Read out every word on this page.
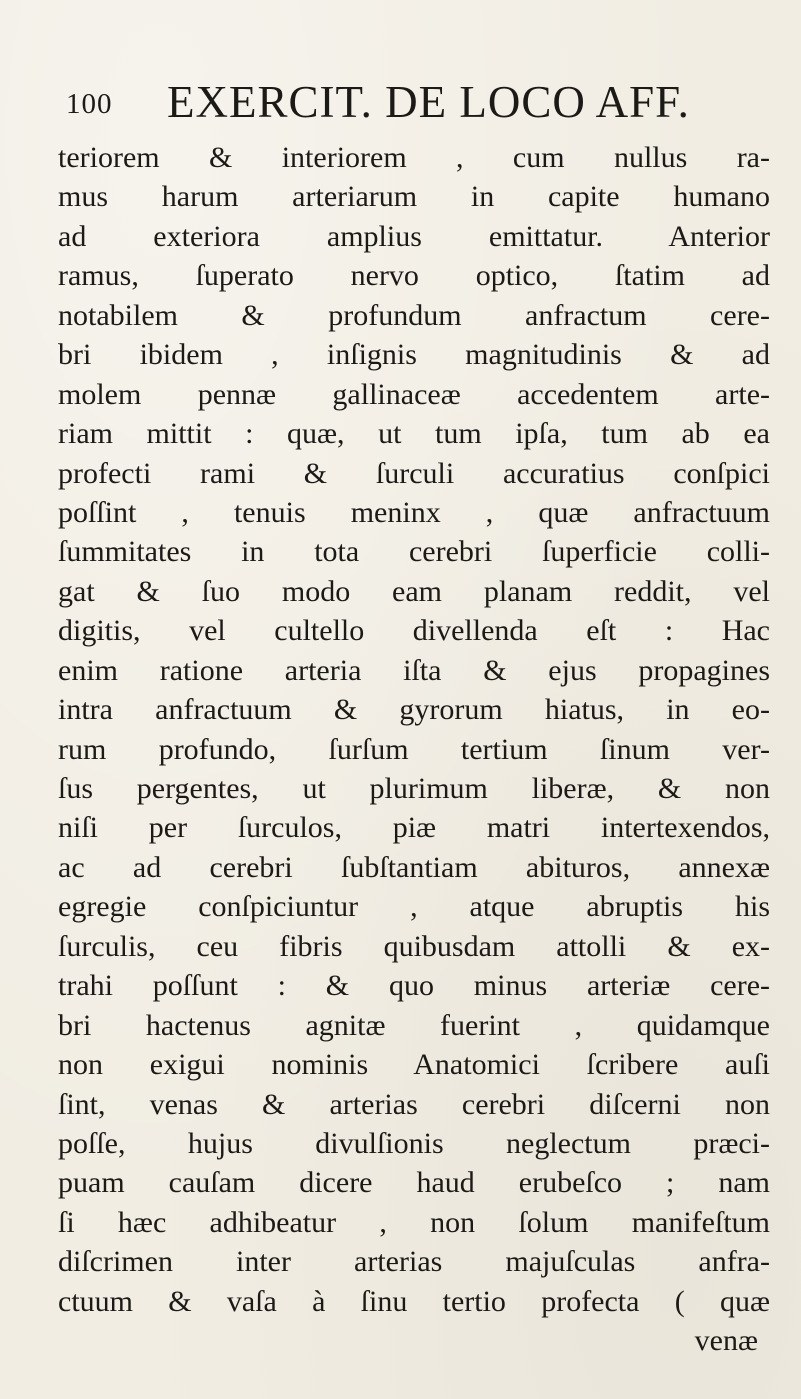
100 EXERCIT. DE LOCO AFF.
teriorem & interiorem , cum nullus ra-
mus harum arteriarum in capite humano
ad exteriora amplius emittatur. Anterior
ramus, ſuperato nervo optico, ſtatim ad
notabilem & profundum anfractum cere-
bri ibidem , inſignis magnitudinis & ad
molem pennæ gallinaceæ accedentem arte-
riam mittit : quæ, ut tum ipſa, tum ab ea
profecti rami & ſurculi accuratius conſpici
poſſint , tenuis meninx , quæ anfractuum
ſummitates in tota cerebri ſuperficie colli-
gat & ſuo modo eam planam reddit, vel
digitis, vel cultello divellenda eſt : Hac
enim ratione arteria iſta & ejus propagines
intra anfractuum & gyrorum hiatus, in eo-
rum profundo, ſurſum tertium ſinum ver-
ſus pergentes, ut plurimum liberæ, & non
niſi per ſurculos, piæ matri intertexendos,
ac ad cerebri ſubſtantiam abituros, annexæ
egregie conſpiciuntur , atque abruptis his
ſurculis, ceu fibris quibusdam attolli & ex-
trahi poſſunt : & quo minus arteriæ cere-
bri hactenus agnitæ fuerint , quidamque
non exigui nominis Anatomici ſcribere auſi
ſint, venas & arterias cerebri diſcerni non
poſſe, hujus divulſionis neglectum præci-
puam cauſam dicere haud erubeſco ; nam
ſi hæc adhibeatur , non ſolum manifeſtum
diſcrimen inter arterias majuſculas anfra-
ctuum & vaſa à ſinu tertio profecta ( quæ
venæ
